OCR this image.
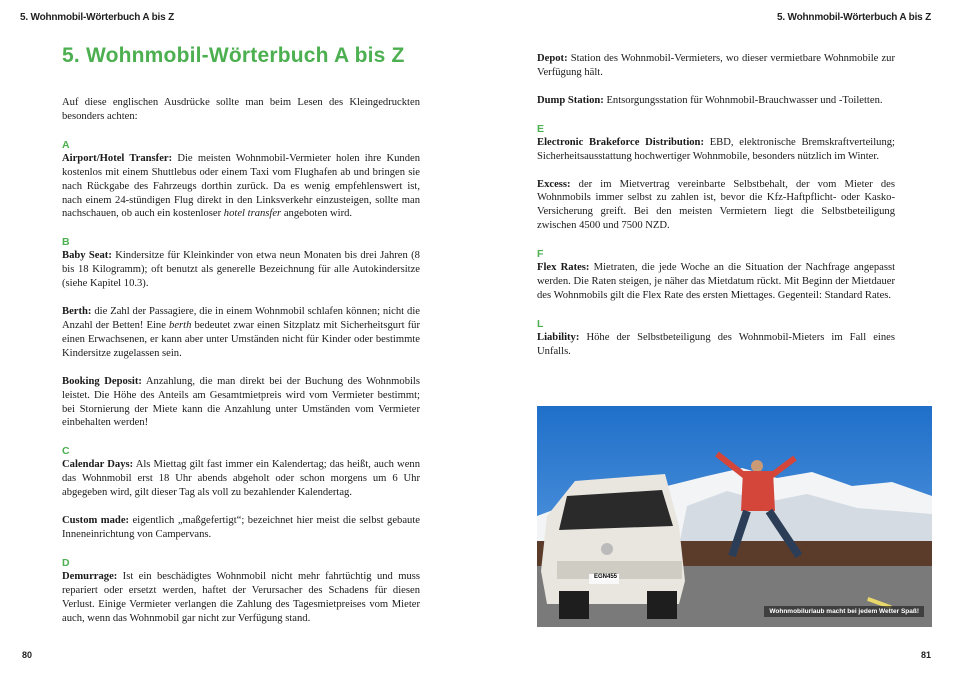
5. Wohnmobil-Wörterbuch A bis Z	5. Wohnmobil-Wörterbuch A bis Z
5. Wohnmobil-Wörterbuch A bis Z

Auf diese englischen Ausdrücke sollte man beim Lesen des Kleingedruckten besonders achten:

A

Airport/Hotel Transfer: Die meisten Wohnmobil-Vermieter holen ihre Kunden kostenlos mit einem Shuttlebus oder einem Taxi vom Flughafen ab und bringen sie nach Rückgabe des Fahrzeugs dorthin zurück. Da es wenig empfehlenswert ist, nach einem 24-stündigen Flug direkt in den Linksverkehr einzusteigen, sollte man nachschauen, ob auch ein kostenloser hotel transfer angeboten wird.

B

Baby Seat: Kindersitze für Kleinkinder von etwa neun Monaten bis drei Jahren (8 bis 18 Kilogramm); oft benutzt als generelle Bezeichnung für alle Autokindersitze (siehe Kapitel 10.3).

Berth: die Zahl der Passagiere, die in einem Wohnmobil schlafen können; nicht die Anzahl der Betten! Eine berth bedeutet zwar einen Sitzplatz mit Sicherheitsgurt für einen Erwachsenen, er kann aber unter Umständen nicht für Kinder oder bestimmte Kindersitze zugelassen sein.

Booking Deposit: Anzahlung, die man direkt bei der Buchung des Wohnmobils leistet. Die Höhe des Anteils am Gesamtmietpreis wird vom Vermieter bestimmt; bei Stornierung der Miete kann die Anzahlung unter Umständen vom Vermieter einbehalten werden!

C

Calendar Days: Als Miettag gilt fast immer ein Kalendertag; das heißt, auch wenn das Wohnmobil erst 18 Uhr abends abgeholt oder schon morgens um 6 Uhr abgegeben wird, gilt dieser Tag als voll zu bezahlender Kalendertag.

Custom made: eigentlich „maßgefertigt“; bezeichnet hier meist die selbst gebaute Inneneinrichtung von Campervans.

D

Demurrage: Ist ein beschädigtes Wohnmobil nicht mehr fahrtüchtig und muss repariert oder ersetzt werden, haftet der Verursacher des Schadens für diesen Verlust. Einige Vermieter verlangen die Zahlung des Tagesmietpreises vom Mieter auch, wenn das Wohnmobil gar nicht zur Verfügung stand.

Depot: Station des Wohnmobil-Vermieters, wo dieser vermietbare Wohnmobile zur Verfügung hält.

Dump Station: Entsorgungsstation für Wohnmobil-Brauchwasser und -Toiletten.

E

Electronic Brakeforce Distribution: EBD, elektronische Bremskraftverteilung; Sicherheitsausstattung hochwertiger Wohnmobile, besonders nützlich im Winter.

Excess: der im Mietvertrag vereinbarte Selbstbehalt, der vom Mieter des Wohnmobils immer selbst zu zahlen ist, bevor die Kfz-Haftpflicht- oder Kasko-Versicherung greift. Bei den meisten Vermietern liegt die Selbstbeteiligung zwischen 4500 und 7500 NZD.

F

Flex Rates: Mietraten, die jede Woche an die Situation der Nachfrage angepasst werden. Die Raten steigen, je näher das Mietdatum rückt. Mit Beginn der Mietdauer des Wohnmobils gilt die Flex Rate des ersten Miettages. Gegenteil: Standard Rates.

L

Liability: Höhe der Selbstbeteiligung des Wohnmobil-Mieters im Fall eines Unfalls.

EGN455
Wohnmobilurlaub macht bei jedem Wetter Spaß!
80	81
